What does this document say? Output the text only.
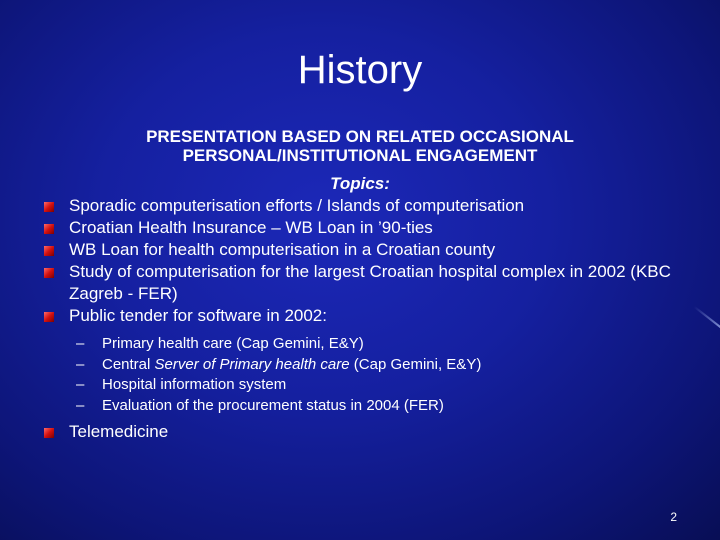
History
PRESENTATION BASED ON RELATED OCCASIONAL
PERSONAL/INSTITUTIONAL ENGAGEMENT
Topics:
Sporadic computerisation efforts / Islands of computerisation
Croatian Health Insurance – WB Loan in ’90-ties
WB Loan for health computerisation in a Croatian county
Study of computerisation for the largest Croatian hospital complex in 2002 (KBC Zagreb - FER)
Public tender for software in 2002:
– Primary health care (Cap Gemini, E&Y)
– Central Server of Primary health care (Cap Gemini, E&Y)
– Hospital information system
– Evaluation of the procurement status in 2004 (FER)
Telemedicine
2
